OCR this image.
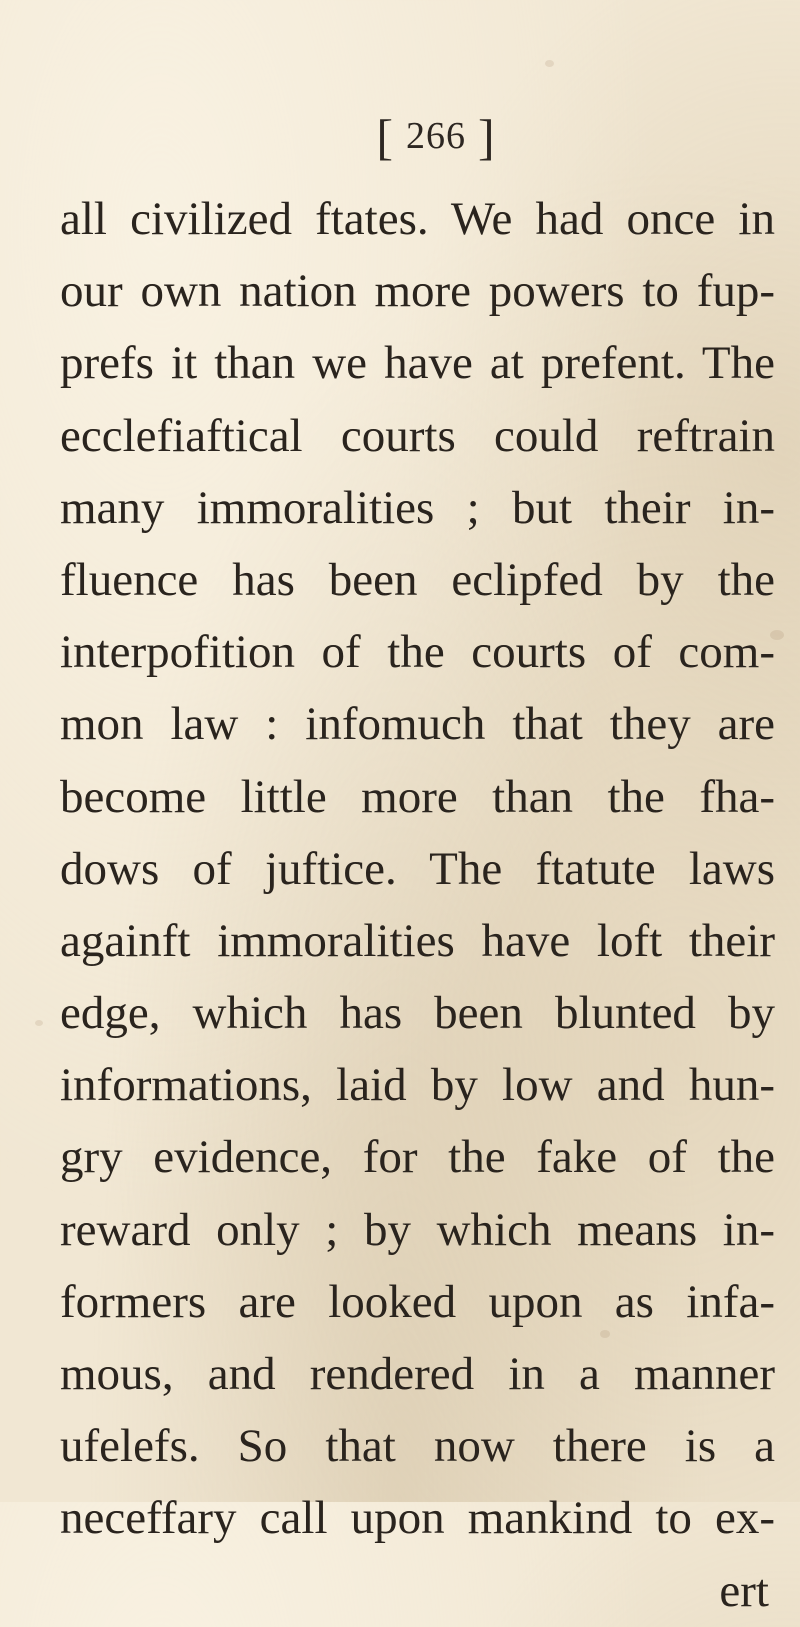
[ 266 ]
all civilized ftates. We had once in
our own nation more powers to fup-
prefs it than we have at prefent. The
ecclefiaftical courts could reftrain
many immoralities ; but their in-
fluence has been eclipfed by the
interpofition of the courts of com-
mon law : infomuch that they are
become little more than the fha-
dows of juftice. The ftatute laws
againft immoralities have loft their
edge, which has been blunted by
informations, laid by low and hun-
gry evidence, for the fake of the
reward only ; by which means in-
formers are looked upon as infa-
mous, and rendered in a manner
ufelefs. So that now there is a
neceffary call upon mankind to ex-
ert
